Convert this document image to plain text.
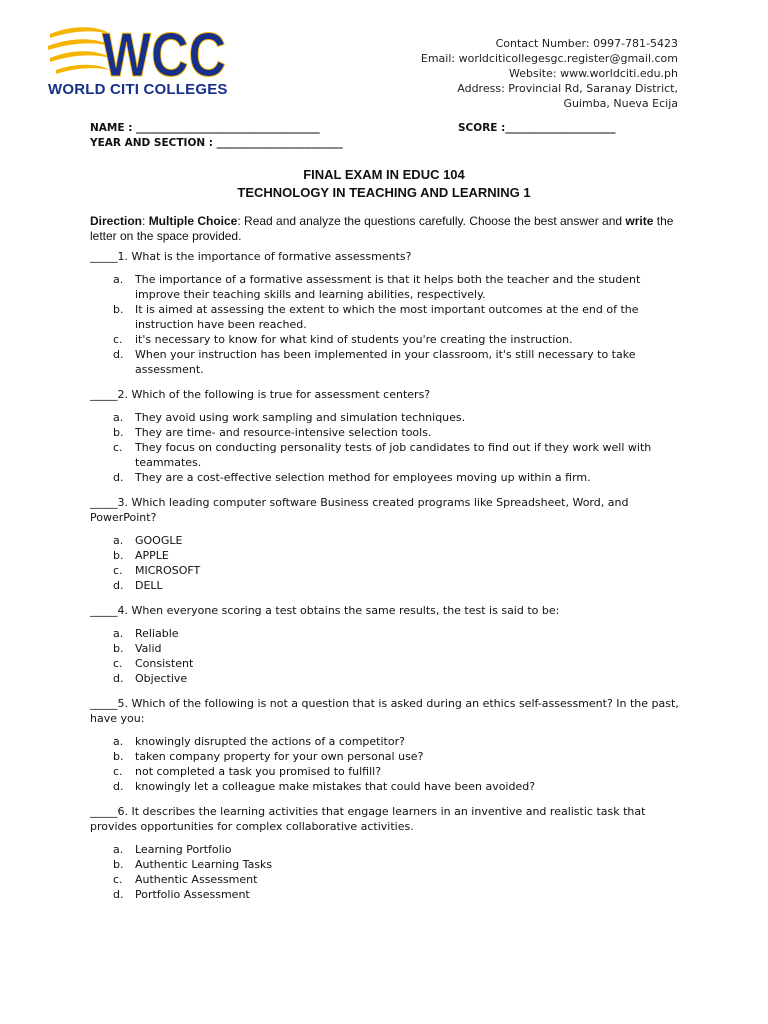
WCC
WORLD CITI COLLEGES
Contact Number: 0997-781-5423
Email: worldciticollegesgc.register@gmail.com
Website: www.worldciti.edu.ph
Address: Provincial Rd, Saranay District,
Guimba, Nueva Ecija
NAME : ___________________________________	SCORE :_____________________
YEAR AND SECTION : ________________________
FINAL EXAM IN EDUC 104
TECHNOLOGY IN TEACHING AND LEARNING 1
Direction: Multiple Choice: Read and analyze the questions carefully. Choose the best answer and write the letter on the space provided.
_____1. What is the importance of formative assessments?
a. The importance of a formative assessment is that it helps both the teacher and the student improve their teaching skills and learning abilities, respectively.
b. It is aimed at assessing the extent to which the most important outcomes at the end of the instruction have been reached.
c. it's necessary to know for what kind of students you're creating the instruction.
d. When your instruction has been implemented in your classroom, it's still necessary to take assessment.
_____2. Which of the following is true for assessment centers?
a. They avoid using work sampling and simulation techniques.
b. They are time- and resource-intensive selection tools.
c. They focus on conducting personality tests of job candidates to find out if they work well with teammates.
d. They are a cost-effective selection method for employees moving up within a firm.
_____3. Which leading computer software Business created programs like Spreadsheet, Word, and PowerPoint?
a. GOOGLE
b. APPLE
c. MICROSOFT
d. DELL
_____4. When everyone scoring a test obtains the same results, the test is said to be:
a. Reliable
b. Valid
c. Consistent
d. Objective
_____5. Which of the following is not a question that is asked during an ethics self-assessment? In the past, have you:
a. knowingly disrupted the actions of a competitor?
b. taken company property for your own personal use?
c. not completed a task you promised to fulfill?
d. knowingly let a colleague make mistakes that could have been avoided?
_____6. It describes the learning activities that engage learners in an inventive and realistic task that provides opportunities for complex collaborative activities.
a. Learning Portfolio
b. Authentic Learning Tasks
c. Authentic Assessment
d. Portfolio Assessment
